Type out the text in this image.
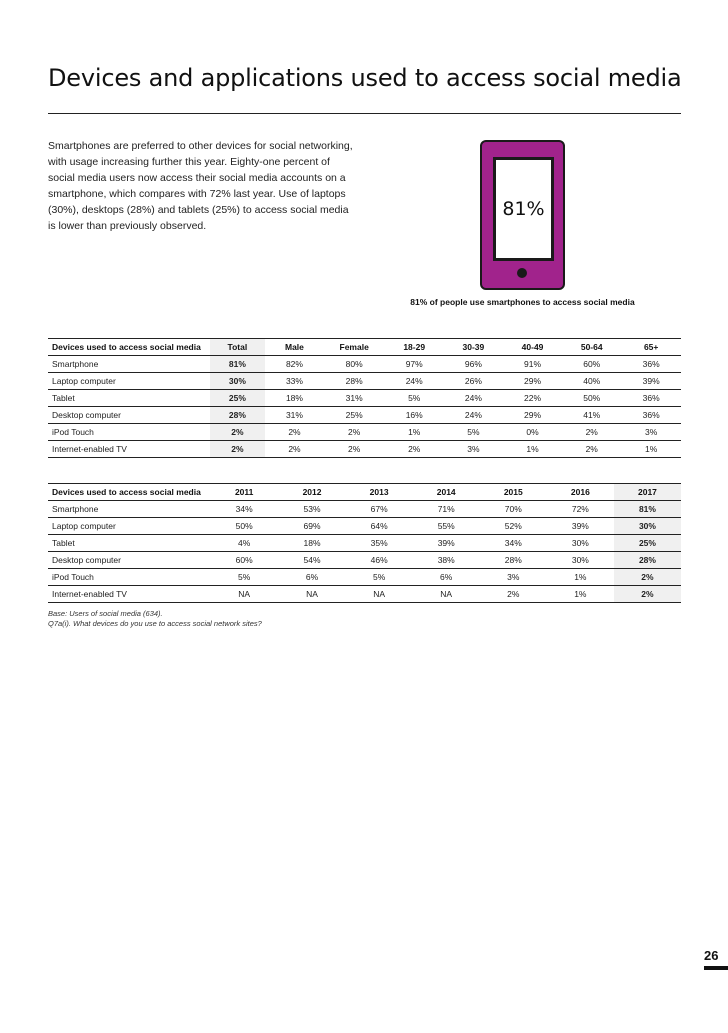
Devices and applications used to access social media

Smartphones are preferred to other devices for social networking, with usage increasing further this year. Eighty-one percent of social media users now access their social media accounts on a smartphone, which compares with 72% last year. Use of laptops (30%), desktops (28%) and tablets (25%) to access social media is lower than previously observed.

81%
81% of people use smartphones to access social media
Devices used to access social media	Total	Male	Female	18-29	30-39	40-49	50-64	65+
Smartphone	81%	82%	80%	97%	96%	91%	60%	36%
Laptop computer	30%	33%	28%	24%	26%	29%	40%	39%
Tablet	25%	18%	31%	5%	24%	22%	50%	36%
Desktop computer	28%	31%	25%	16%	24%	29%	41%	36%
iPod Touch	2%	2%	2%	1%	5%	0%	2%	3%
Internet-enabled TV	2%	2%	2%	2%	3%	1%	2%	1%
Devices used to access social media	2011	2012	2013	2014	2015	2016	2017
Smartphone	34%	53%	67%	71%	70%	72%	81%
Laptop computer	50%	69%	64%	55%	52%	39%	30%
Tablet	4%	18%	35%	39%	34%	30%	25%
Desktop computer	60%	54%	46%	38%	28%	30%	28%
iPod Touch	5%	6%	5%	6%	3%	1%	2%
Internet-enabled TV	NA	NA	NA	NA	2%	1%	2%
Base: Users of social media (634).
Q7a(i). What devices do you use to access social network sites?
26
